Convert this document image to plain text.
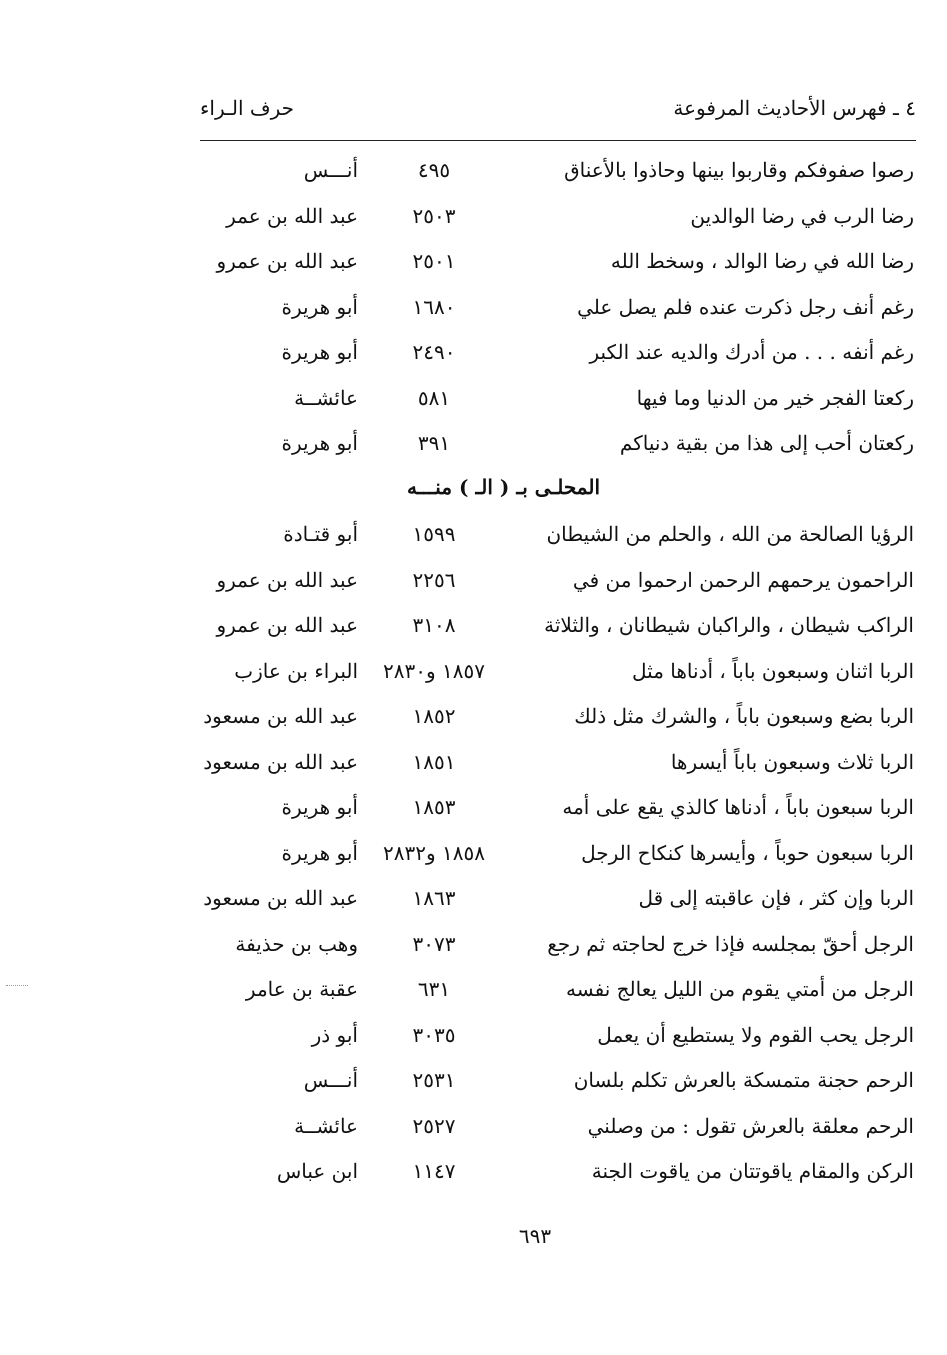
٤ ـ فهرس الأحاديث المرفوعة
حرف الـراء
رصوا صفوفكم وقاربوا بينها وحاذوا بالأعناق
٤٩٥
أنـــس
رضا الرب في رضا الوالدين
٢٥٠٣
عبد الله بن عمر
رضا الله في رضا الوالد ، وسخط الله
٢٥٠١
عبد الله بن عمرو
رغم أنف رجل ذكرت عنده فلم يصل علي
١٦٨٠
أبو هريرة
رغم أنفه . . . من أدرك والديه عند الكبر
٢٤٩٠
أبو هريرة
ركعتا الفجر خير من الدنيا وما فيها
٥٨١
عائشــة
ركعتان أحب إلى هذا من بقية دنياكم
٣٩١
أبو هريرة
المحلـى بـ ( الـ ) منـــه
الرؤيا الصالحة من الله ، والحلم من الشيطان
١٥٩٩
أبو قتـادة
الراحمون يرحمهم الرحمن ارحموا من في
٢٢٥٦
عبد الله بن عمرو
الراكب شيطان ، والراكبان شيطانان ، والثلاثة
٣١٠٨
عبد الله بن عمرو
الربا اثنان وسبعون باباً ، أدناها مثل
١٨٥٧ و٢٨٣٠
البراء بن عازب
الربا بضع وسبعون باباً ، والشرك مثل ذلك
١٨٥٢
عبد الله بن مسعود
الربا ثلاث وسبعون باباً أيسرها
١٨٥١
عبد الله بن مسعود
الربا سبعون باباً ، أدناها كالذي يقع على أمه
١٨٥٣
أبو هريرة
الربا سبعون حوباً ، وأيسرها كنكاح الرجل
١٨٥٨ و٢٨٣٢
أبو هريرة
الربا وإن كثر ، فإن عاقبته إلى قل
١٨٦٣
عبد الله بن مسعود
الرجل أحقّ بمجلسه فإذا خرج لحاجته ثم رجع
٣٠٧٣
وهب بن حذيفة
الرجل من أمتي يقوم من الليل يعالج نفسه
٦٣١
عقبة بن عامر
الرجل يحب القوم ولا يستطيع أن يعمل
٣٠٣٥
أبو ذر
الرحم حجنة متمسكة بالعرش تكلم بلسان
٢٥٣١
أنـــس
الرحم معلقة بالعرش تقول : من وصلني
٢٥٢٧
عائشــة
الركن والمقام ياقوتتان من ياقوت الجنة
١١٤٧
ابن عباس
٦٩٣
